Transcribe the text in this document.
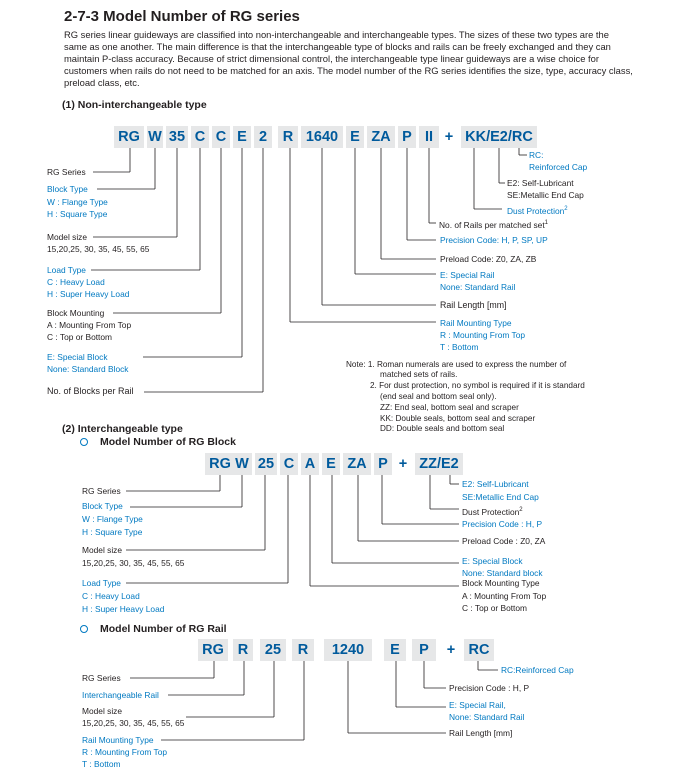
2-7-3 Model Number of RG series
RG series linear guideways are classified into non-interchangeable and interchangeable types. The sizes of these two types are the same as one another. The main difference is that the interchangeable type of blocks and rails can be freely exchanged and they can maintain P-class accuracy. Because of strict dimensional control, the interchangeable type linear guideways are a wise choice for customers when rails do not need to be matched for an axis. The model number of the RG series identifies the size, type, accuracy class, preload class, etc.
(1) Non-interchangeable type
RG W 35 C C E 2	R 1640 E ZA P II + KK/E2/RC
RG Series
Block Type
W : Flange Type
H : Square Type
Model size
15,20,25, 30, 35, 45, 55, 65
Load Type
C : Heavy Load
H : Super Heavy Load
Block Mounting
A : Mounting From Top
C : Top or Bottom
E: Special Block
None: Standard Block
No. of Blocks per Rail
RC:
Reinforced Cap
E2: Self-Lubricant
SE:Metallic End Cap
Dust Protection$^2$
No. of Rails per matched set$^1$
Precision Code: H, P, SP, UP
Preload Code: Z0, ZA, ZB
E: Special Rail
None: Standard Rail
Rail Length [mm]
Rail Mounting Type
R : Mounting From Top
T : Bottom
Note: 1. Roman numerals are used to express the number of
matched sets of rails.
2. For dust protection, no symbol is required if it is standard
(end seal and bottom seal only).
ZZ: End seal, bottom seal and scraper
KK: Double seals, bottom seal and scraper
DD: Double seals and bottom seal
(2) Interchangeable type
Model Number of RG Block
RG W 25 C A E ZA P + ZZ/E2
RG Series
Block Type
W : Flange Type
H : Square Type
Model size
15,20,25, 30, 35, 45, 55, 65
Load Type
C : Heavy Load
H : Super Heavy Load
E2: Self-Lubricant
SE:Metallic End Cap
Dust Protection$^2$
Precision Code : H, P
Preload Code : Z0, ZA
E: Special Block
None: Standard block
Block Mounting Type
A : Mounting From Top
C : Top or Bottom
Model Number of RG Rail
RG R	25	R	1240	E	P	+ RC
RG Series
Interchangeable Rail
Model size
15,20,25, 30, 35, 45, 55, 65
Rail Mounting Type
R : Mounting From Top
T : Bottom
RC:Reinforced Cap
Precision Code : H, P
E: Special Rail,
None: Standard Rail
Rail Length [mm]
